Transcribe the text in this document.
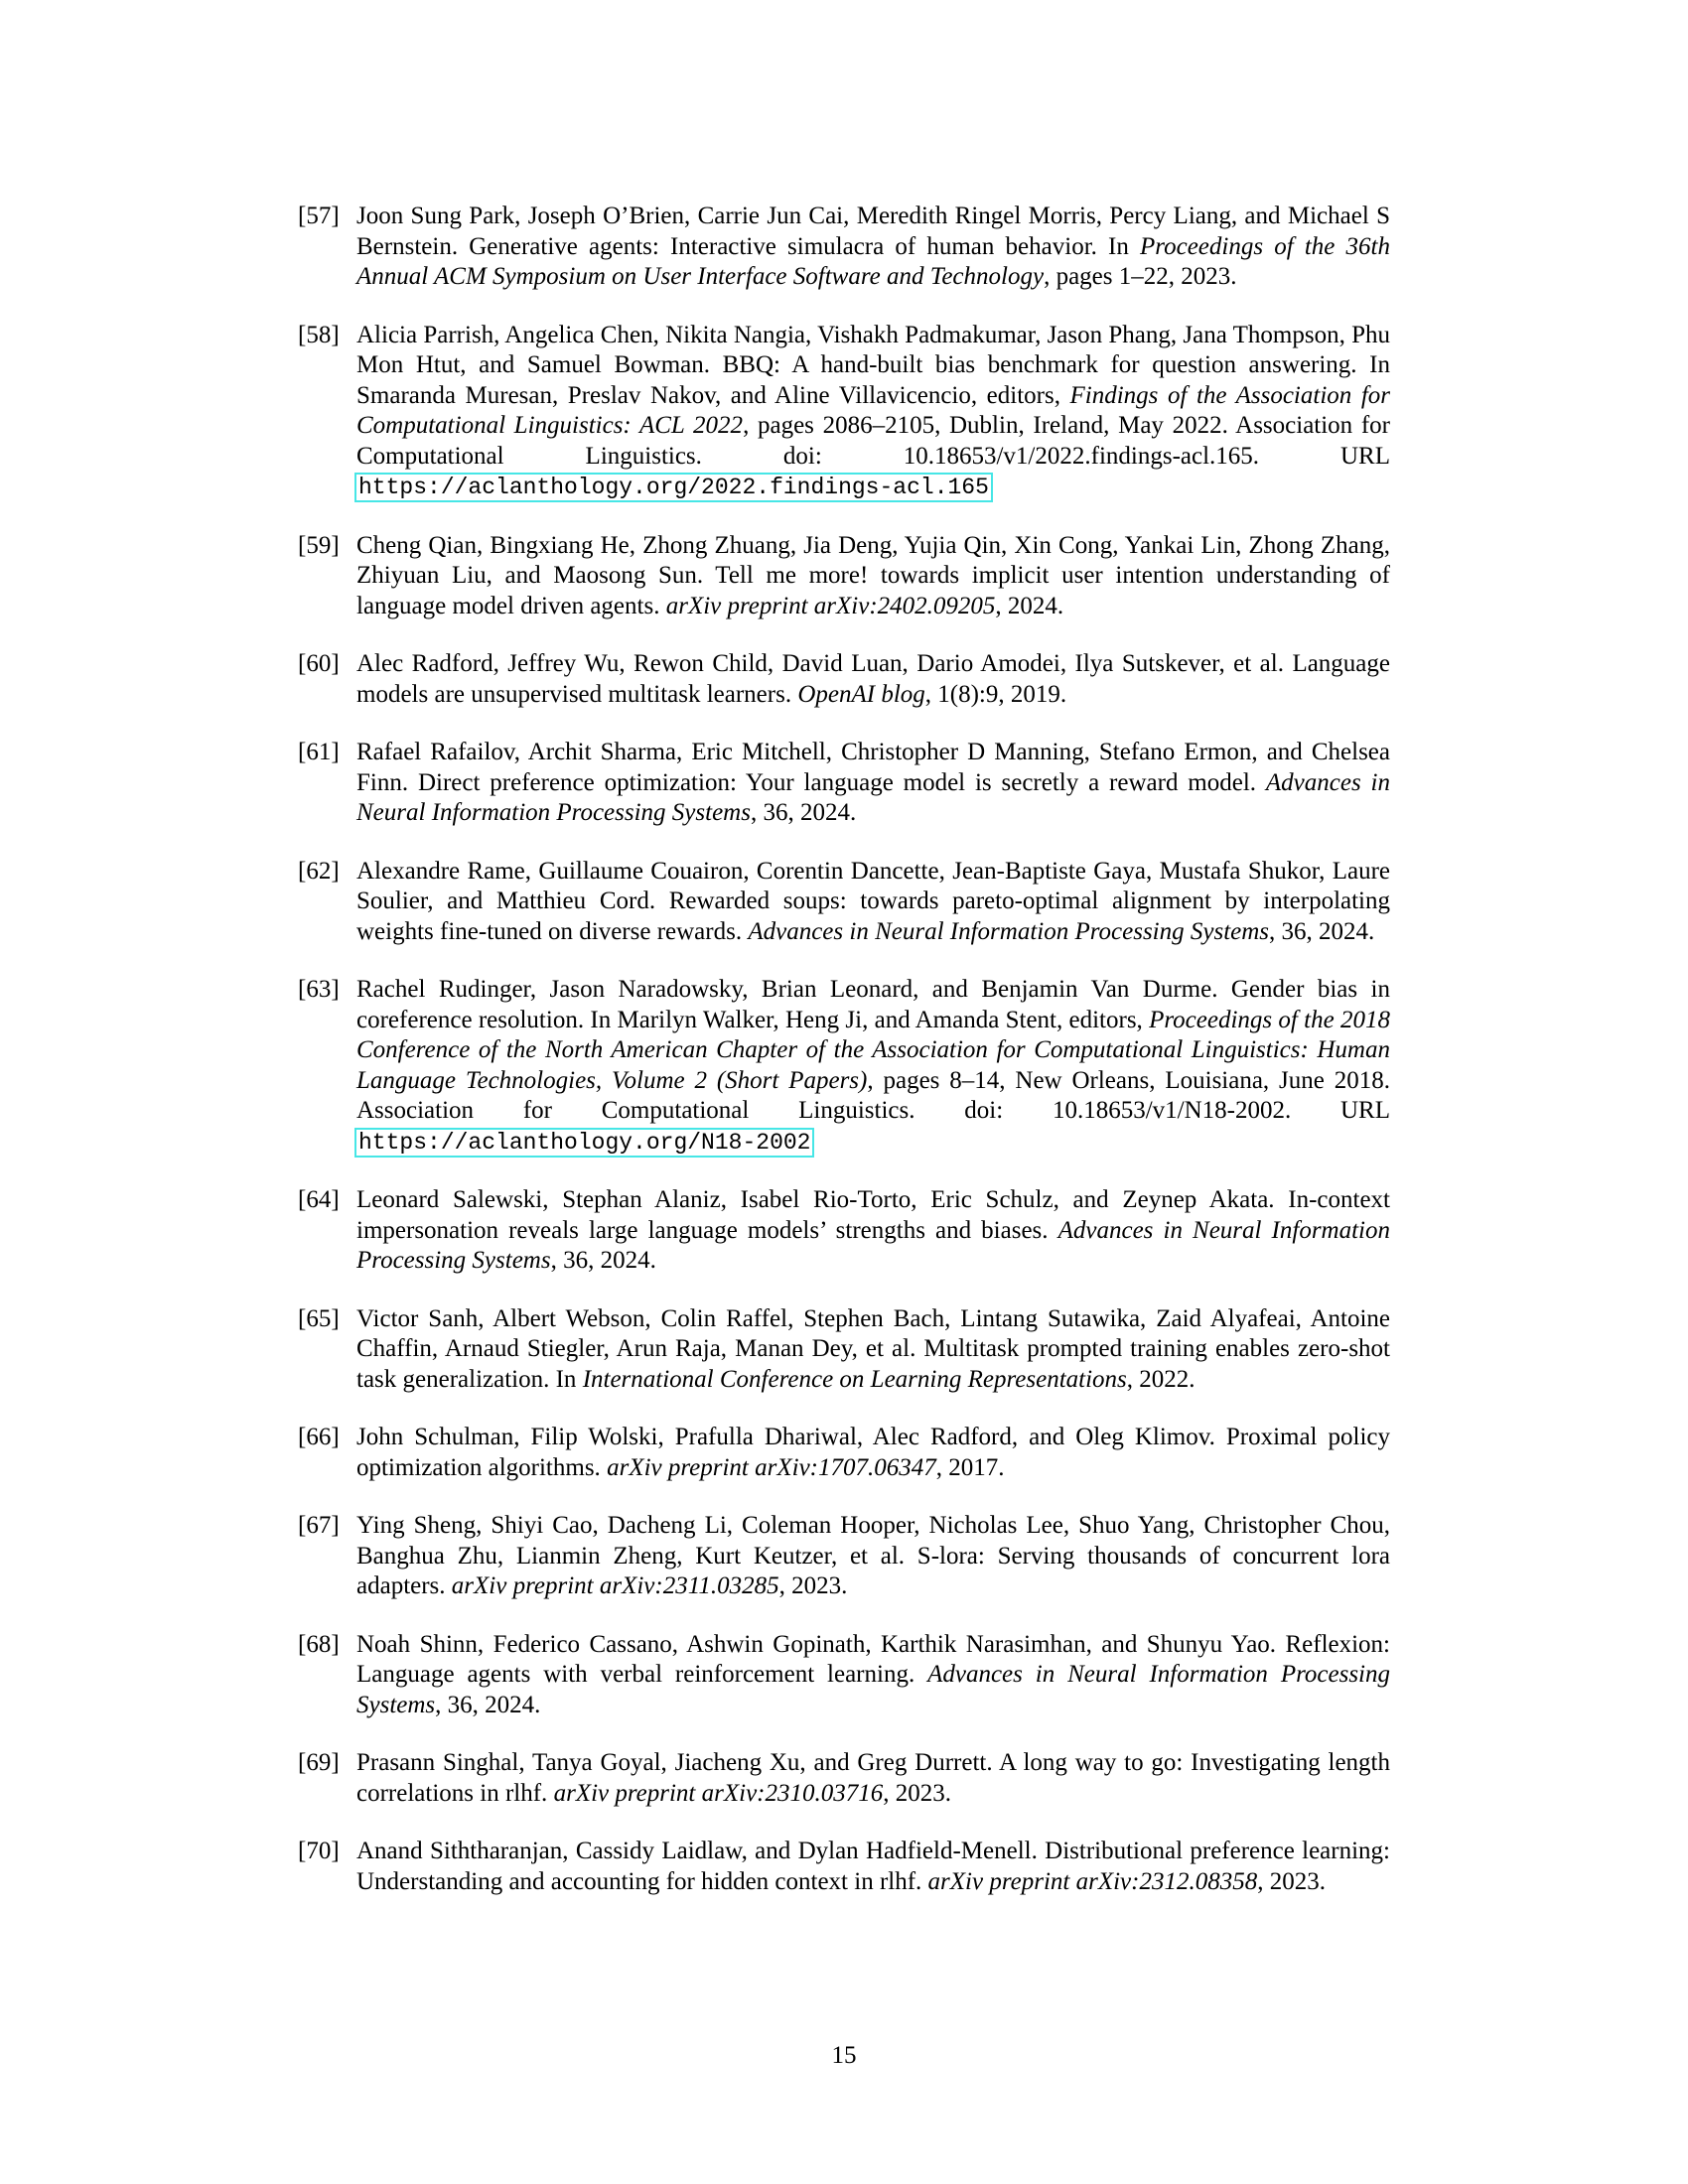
[57] Joon Sung Park, Joseph O’Brien, Carrie Jun Cai, Meredith Ringel Morris, Percy Liang, and Michael S Bernstein. Generative agents: Interactive simulacra of human behavior. In Proceedings of the 36th Annual ACM Symposium on User Interface Software and Technology, pages 1–22, 2023.
[58] Alicia Parrish, Angelica Chen, Nikita Nangia, Vishakh Padmakumar, Jason Phang, Jana Thompson, Phu Mon Htut, and Samuel Bowman. BBQ: A hand-built bias benchmark for question answering. In Smaranda Muresan, Preslav Nakov, and Aline Villavicencio, editors, Findings of the Association for Computational Linguistics: ACL 2022, pages 2086–2105, Dublin, Ireland, May 2022. Association for Computational Linguistics. doi: 10.18653/v1/2022.findings-acl.165. URL https://aclanthology.org/2022.findings-acl.165
[59] Cheng Qian, Bingxiang He, Zhong Zhuang, Jia Deng, Yujia Qin, Xin Cong, Yankai Lin, Zhong Zhang, Zhiyuan Liu, and Maosong Sun. Tell me more! towards implicit user intention understanding of language model driven agents. arXiv preprint arXiv:2402.09205, 2024.
[60] Alec Radford, Jeffrey Wu, Rewon Child, David Luan, Dario Amodei, Ilya Sutskever, et al. Language models are unsupervised multitask learners. OpenAI blog, 1(8):9, 2019.
[61] Rafael Rafailov, Archit Sharma, Eric Mitchell, Christopher D Manning, Stefano Ermon, and Chelsea Finn. Direct preference optimization: Your language model is secretly a reward model. Advances in Neural Information Processing Systems, 36, 2024.
[62] Alexandre Rame, Guillaume Couairon, Corentin Dancette, Jean-Baptiste Gaya, Mustafa Shukor, Laure Soulier, and Matthieu Cord. Rewarded soups: towards pareto-optimal alignment by interpolating weights fine-tuned on diverse rewards. Advances in Neural Information Processing Systems, 36, 2024.
[63] Rachel Rudinger, Jason Naradowsky, Brian Leonard, and Benjamin Van Durme. Gender bias in coreference resolution. In Marilyn Walker, Heng Ji, and Amanda Stent, editors, Proceedings of the 2018 Conference of the North American Chapter of the Association for Computational Linguistics: Human Language Technologies, Volume 2 (Short Papers), pages 8–14, New Orleans, Louisiana, June 2018. Association for Computational Linguistics. doi: 10.18653/v1/N18-2002. URL https://aclanthology.org/N18-2002
[64] Leonard Salewski, Stephan Alaniz, Isabel Rio-Torto, Eric Schulz, and Zeynep Akata. In-context impersonation reveals large language models’ strengths and biases. Advances in Neural Information Processing Systems, 36, 2024.
[65] Victor Sanh, Albert Webson, Colin Raffel, Stephen Bach, Lintang Sutawika, Zaid Alyafeai, Antoine Chaffin, Arnaud Stiegler, Arun Raja, Manan Dey, et al. Multitask prompted training enables zero-shot task generalization. In International Conference on Learning Representations, 2022.
[66] John Schulman, Filip Wolski, Prafulla Dhariwal, Alec Radford, and Oleg Klimov. Proximal policy optimization algorithms. arXiv preprint arXiv:1707.06347, 2017.
[67] Ying Sheng, Shiyi Cao, Dacheng Li, Coleman Hooper, Nicholas Lee, Shuo Yang, Christopher Chou, Banghua Zhu, Lianmin Zheng, Kurt Keutzer, et al. S-lora: Serving thousands of concurrent lora adapters. arXiv preprint arXiv:2311.03285, 2023.
[68] Noah Shinn, Federico Cassano, Ashwin Gopinath, Karthik Narasimhan, and Shunyu Yao. Reflexion: Language agents with verbal reinforcement learning. Advances in Neural Information Processing Systems, 36, 2024.
[69] Prasann Singhal, Tanya Goyal, Jiacheng Xu, and Greg Durrett. A long way to go: Investigating length correlations in rlhf. arXiv preprint arXiv:2310.03716, 2023.
[70] Anand Siththaranjan, Cassidy Laidlaw, and Dylan Hadfield-Menell. Distributional preference learning: Understanding and accounting for hidden context in rlhf. arXiv preprint arXiv:2312.08358, 2023.
15
